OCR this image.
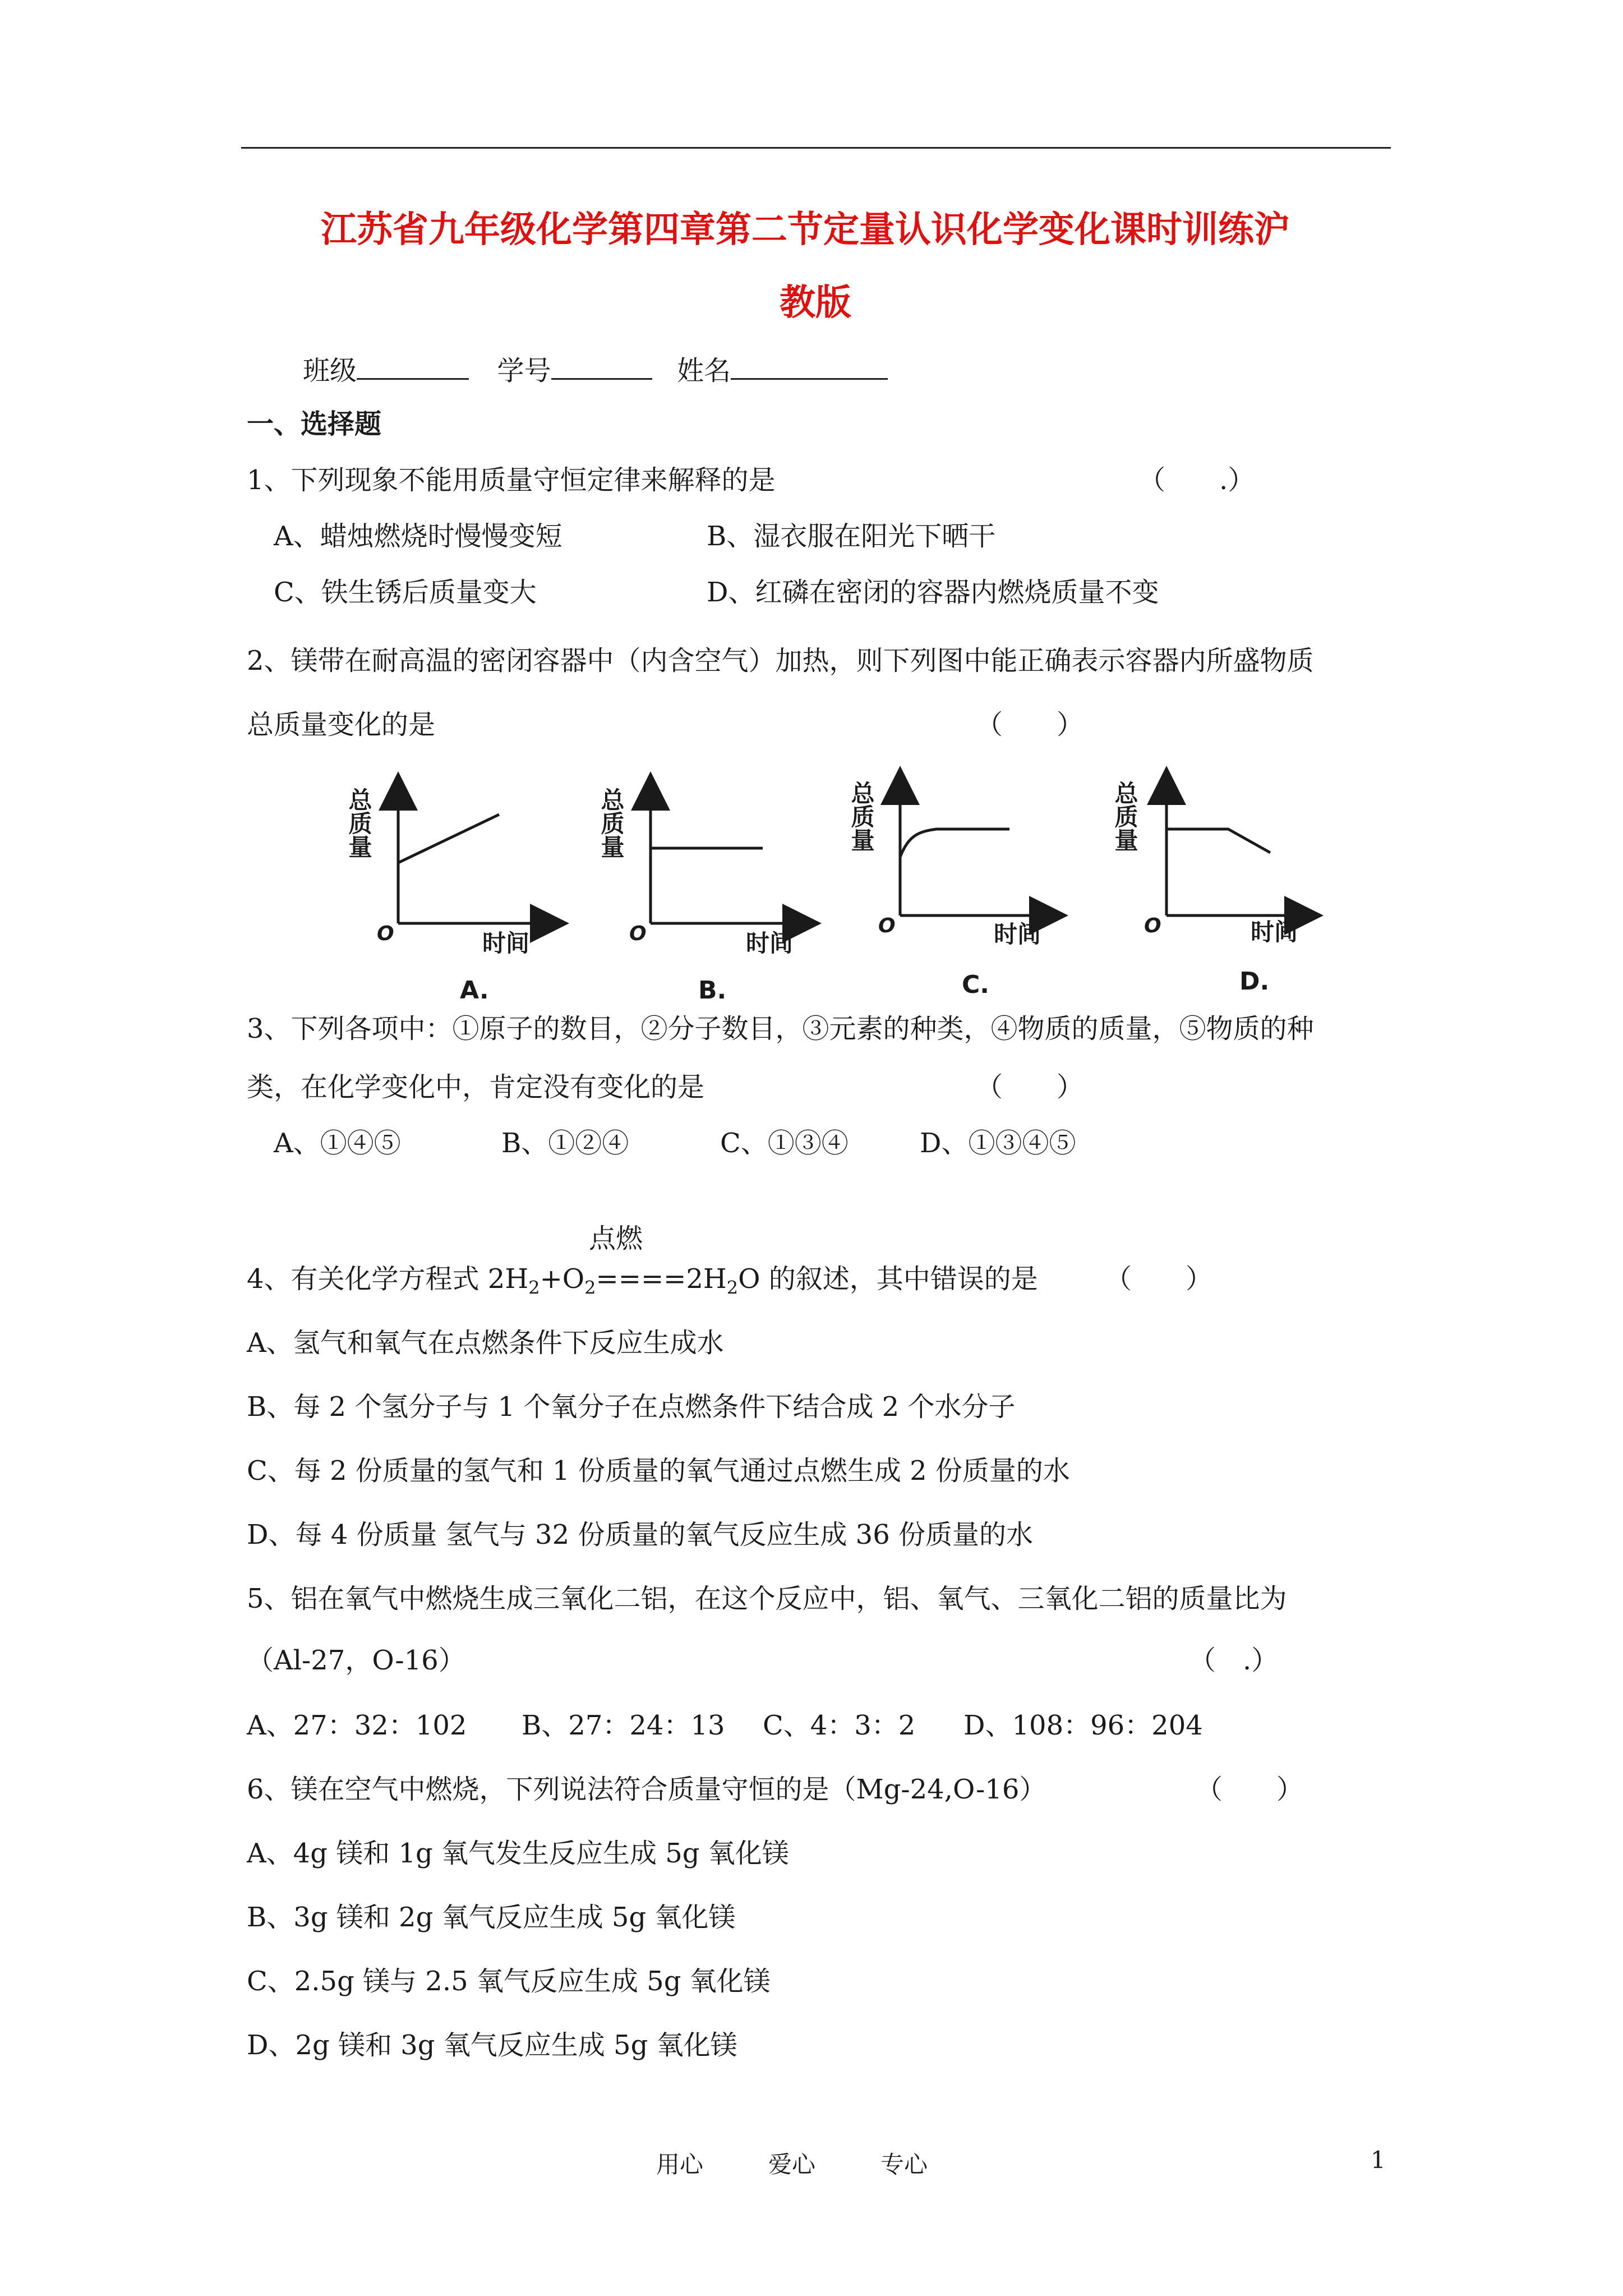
江苏省九年级化学第四章第二节定量认识化学变化课时训练沪
教版
班级	学号	姓名
一、选择题
1、下列现象不能用质量守恒定律来解释的是	（　　.）
A、蜡烛燃烧时慢慢变短	B、湿衣服在阳光下晒干
C、铁生锈后质量变大	D、红磷在密闭的容器内燃烧质量不变
2、镁带在耐高温的密闭容器中（内含空气）加热，则下列图中能正确表示容器内所盛物质
总质量变化的是	（　　）
总质量
O	时间
A.
总质量
O	时间
B.
总质量
O	时间
C.
总质量
O	时间
D.
3、下列各项中：①原子的数目，②分子数目，③元素的种类，④物质的质量，⑤物质的种
类，在化学变化中，肯定没有变化的是	（　　）
A、①④⑤	B、①②④	C、①③④	D、①③④⑤
点燃
4、有关化学方程式 $2H_2+O_2====2H_2O$ 的叙述，其中错误的是 （　　）
A、氢气和氧气在点燃条件下反应生成水
B、每 2 个氢分子与 1 个氧分子在点燃条件下结合成 2 个水分子
C、每 2 份质量的氢气和 1 份质量的氧气通过点燃生成 2 份质量的水
D、每 4 份质量 氢气与 32 份质量的氧气反应生成 36 份质量的水
5、铝在氧气中燃烧生成三氧化二铝，在这个反应中，铝、氧气、三氧化二铝的质量比为
（Al-27，O-16）	（　.）
A、27：32：102 B、27：24：13 C、4：3：2 D、108：96：204
6、镁在空气中燃烧，下列说法符合质量守恒的是（Mg-24,O-16）	（　　）
A、4g 镁和 1g 氧气发生反应生成 5g 氧化镁
B、3g 镁和 2g 氧气反应生成 5g 氧化镁
C、2.5g 镁与 2.5 氧气反应生成 5g 氧化镁
D、2g 镁和 3g 氧气反应生成 5g 氧化镁
用心	爱心	专心	1
